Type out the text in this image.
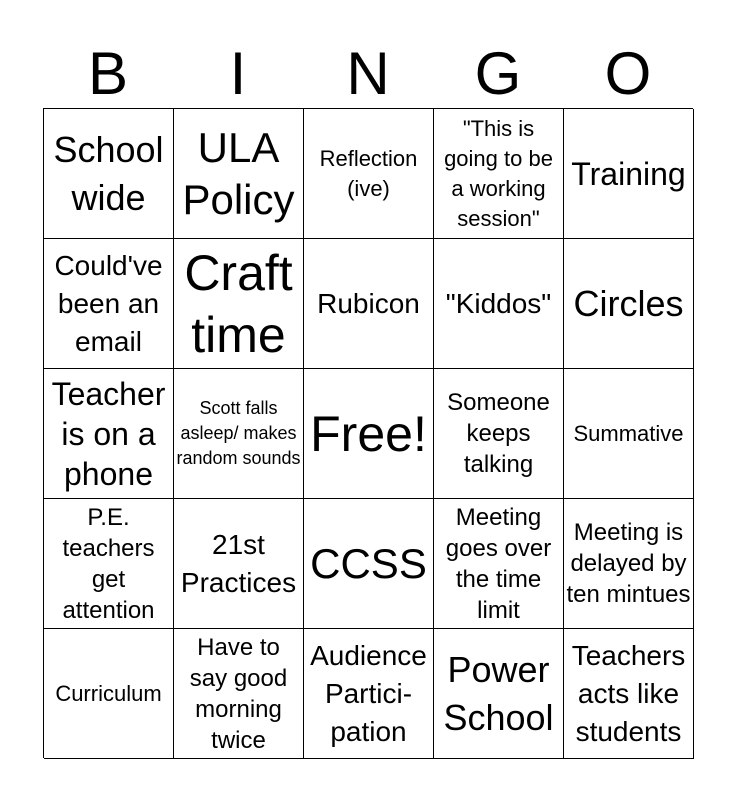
B	I	N	G	O
School wide
ULA Policy
Reflection (ive)
"This is going to be a working session"
Training
Could've been an email
Craft time
Rubicon "Kiddos" Circles
Teacher is on a phone
Scott falls asleep/ makes random sounds Free!
Someone keeps talking
Summative
P.E. teachers get attention
21st Practices CCSS
Meeting goes over the time limit
Meeting is delayed by ten mintues
Curriculum
Have to say good morning twice
Audience Partici- pation
Power School
Teachers acts like students
